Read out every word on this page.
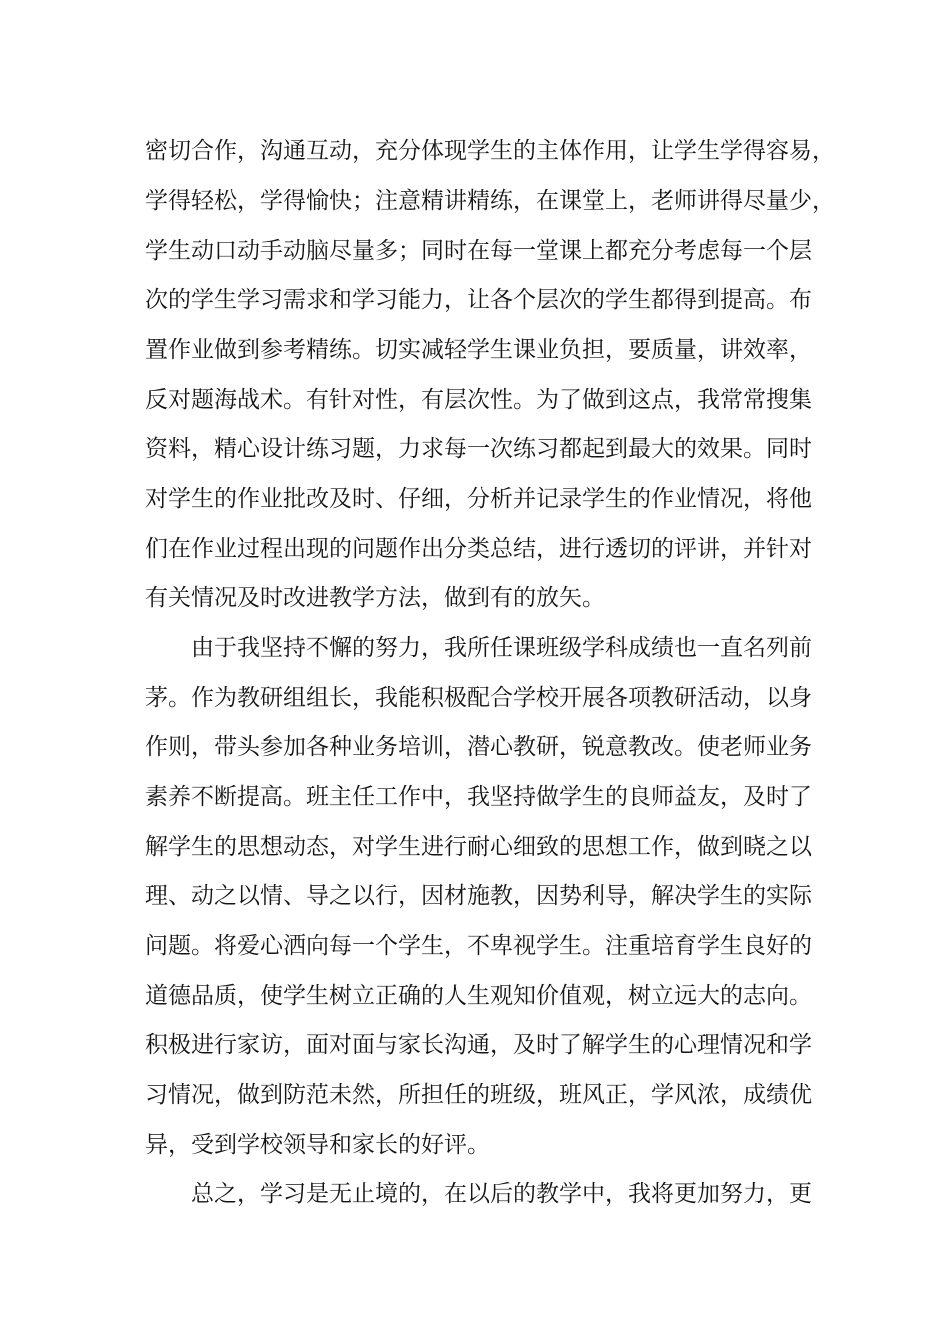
密切合作，沟通互动，充分体现学生的主体作用，让学生学得容易，
学得轻松，学得愉快；注意精讲精练，在课堂上，老师讲得尽量少，
学生动口动手动脑尽量多；同时在每一堂课上都充分考虑每一个层
次的学生学习需求和学习能力，让各个层次的学生都得到提高。布
置作业做到参考精练。切实减轻学生课业负担，要质量，讲效率，
反对题海战术。有针对性，有层次性。为了做到这点，我常常搜集
资料，精心设计练习题，力求每一次练习都起到最大的效果。同时
对学生的作业批改及时、仔细，分析并记录学生的作业情况，将他
们在作业过程出现的问题作出分类总结，进行透切的评讲，并针对
有关情况及时改进教学方法，做到有的放矢。
由于我坚持不懈的努力，我所任课班级学科成绩也一直名列前
茅。作为教研组组长，我能积极配合学校开展各项教研活动，以身
作则，带头参加各种业务培训，潜心教研，锐意教改。使老师业务
素养不断提高。班主任工作中，我坚持做学生的良师益友，及时了
解学生的思想动态，对学生进行耐心细致的思想工作，做到晓之以
理、动之以情、导之以行，因材施教，因势利导，解决学生的实际
问题。将爱心洒向每一个学生，不卑视学生。注重培育学生良好的
道德品质，使学生树立正确的人生观知价值观，树立远大的志向。
积极进行家访，面对面与家长沟通，及时了解学生的心理情况和学
习情况，做到防范未然，所担任的班级，班风正，学风浓，成绩优
异，受到学校领导和家长的好评。
总之，学习是无止境的，在以后的教学中，我将更加努力，更
